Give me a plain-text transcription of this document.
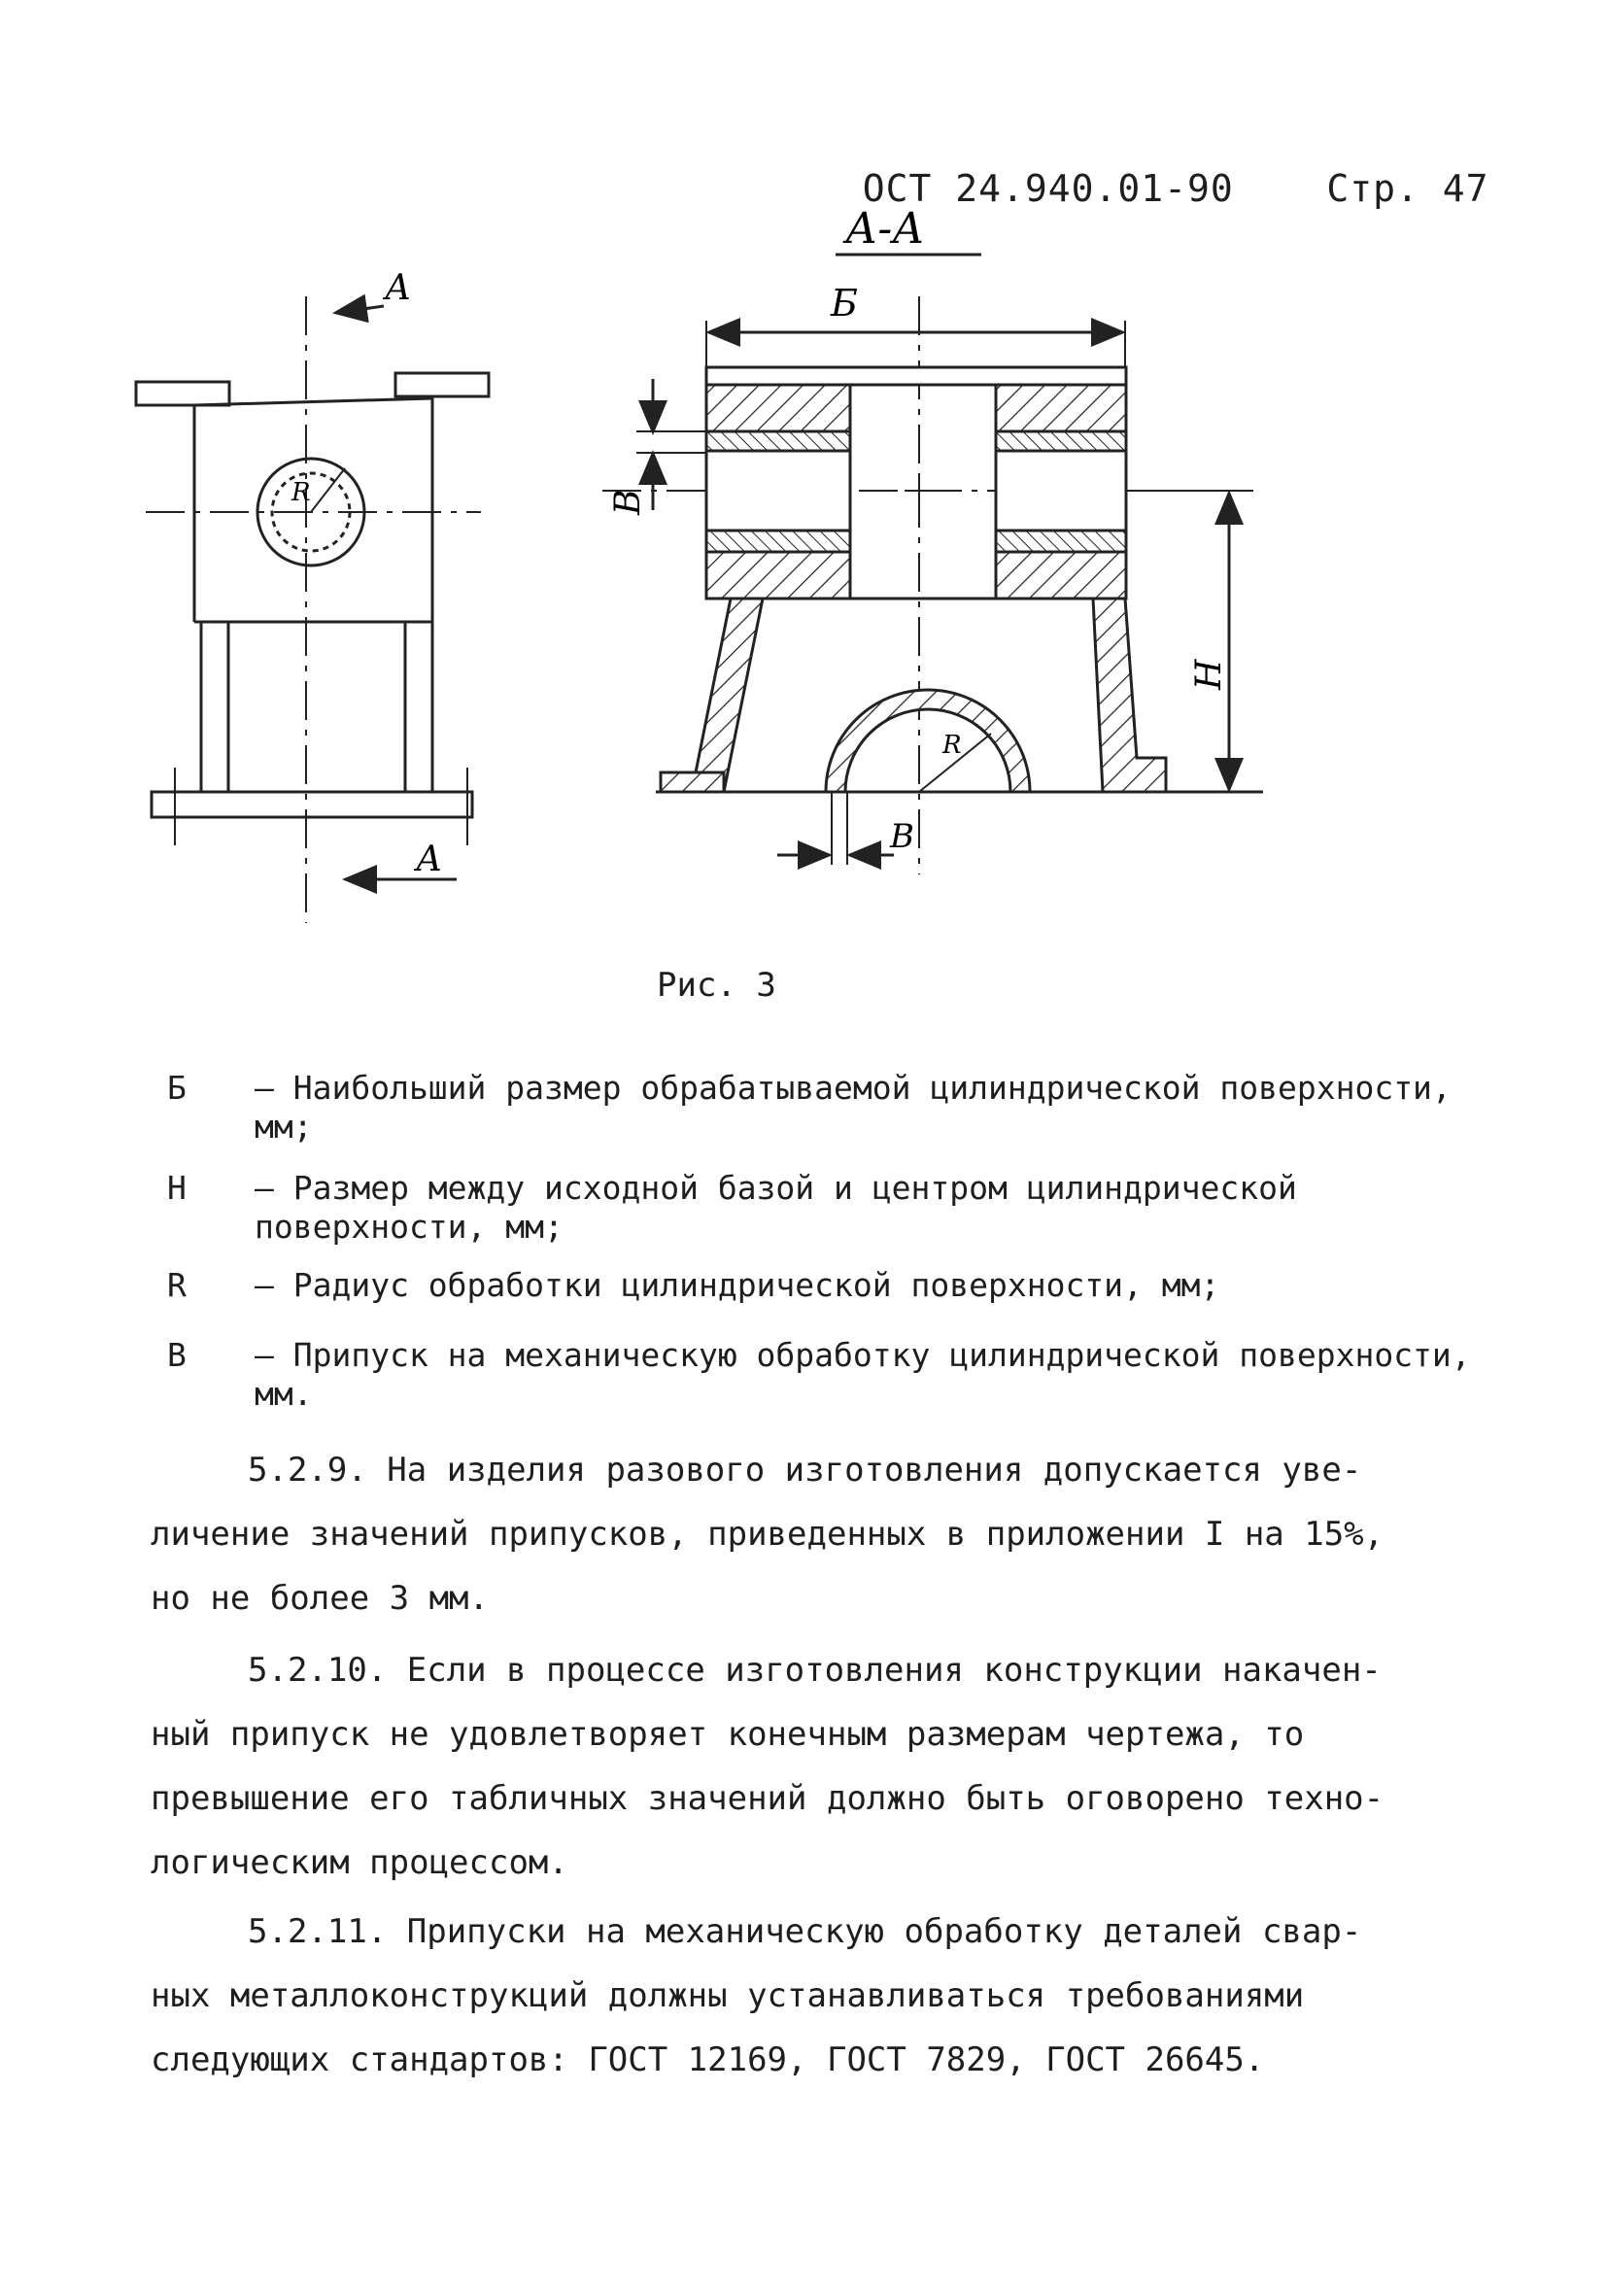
ОСТ 24.940.01-90	Стр. 47

А
А
R
А-А
Б
В
Н
В
R
Рис. 3
Б	– Наибольший размер обрабатываемой цилиндрической поверхности, мм;
Н	– Размер между исходной базой и центром цилиндрической поверхности, мм;
R	– Радиус обработки цилиндрической поверхности, мм;
В	– Припуск на механическую обработку цилиндрической поверхности, мм.
5.2.9. На изделия разового изготовления допускается уве-
личение значений припусков, приведенных в приложении I на 15%,
но не более 3 мм.
5.2.10. Если в процессе изготовления конструкции накачен-
ный припуск не удовлетворяет конечным размерам чертежа, то
превышение его табличных значений должно быть оговорено техно-
логическим процессом.
5.2.11. Припуски на механическую обработку деталей свар-
ных металлоконструкций должны устанавливаться требованиями
следующих стандартов: ГОСТ 12169, ГОСТ 7829, ГОСТ 26645.
